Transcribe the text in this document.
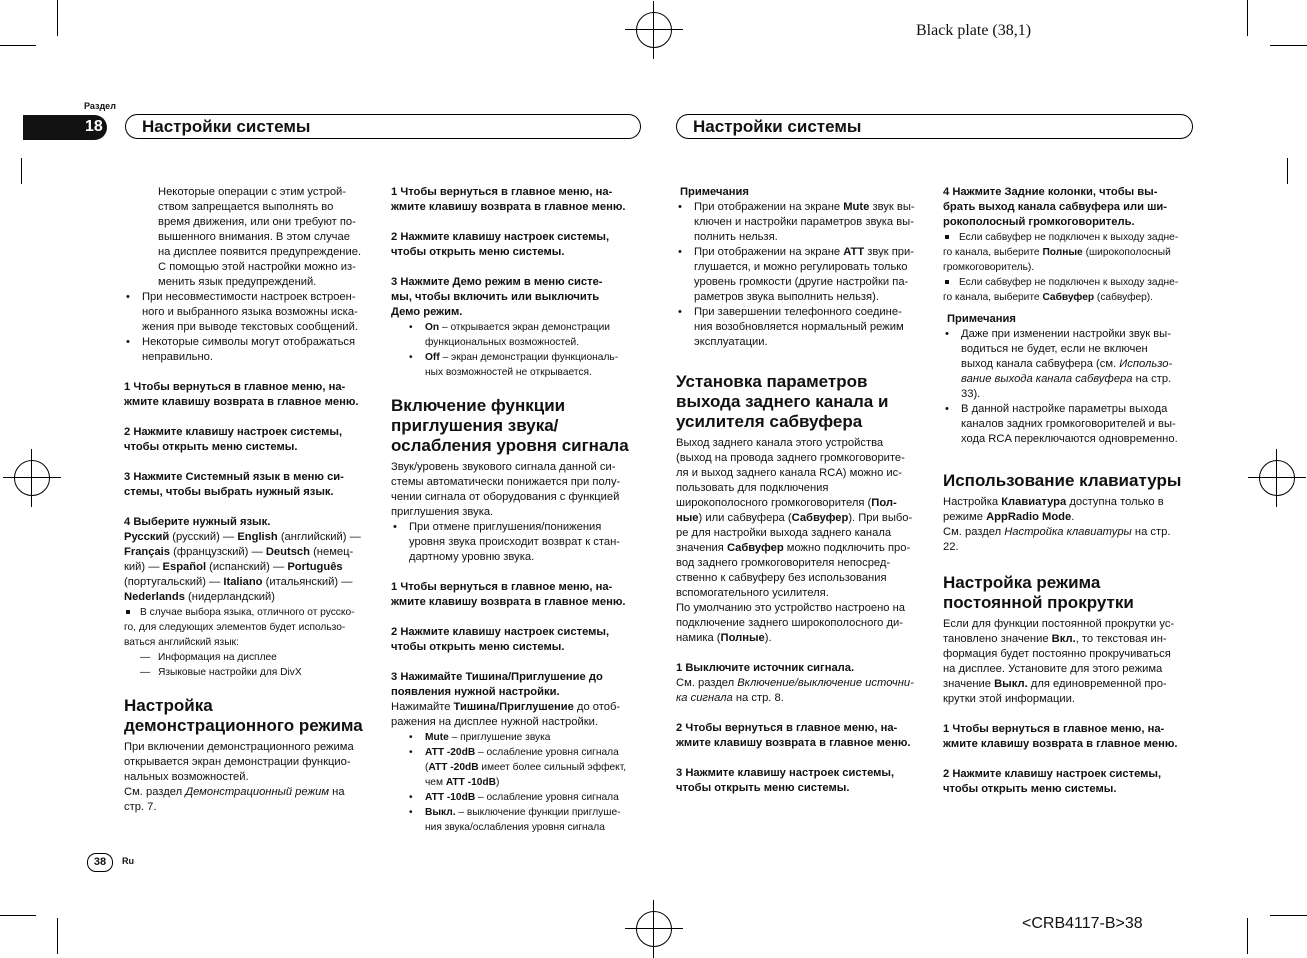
Black plate (38,1)
Раздел
18	Настройки системы	Настройки системы

Некоторые операции с этим устрой-

ством запрещается выполнять во

время движения, или они требуют по-

вышенного внимания. В этом случае

на дисплее появится предупреждение.

С помощью этой настройки можно из-

менить язык предупреждений.

• При несовместимости настроек встроен-

ного и выбранного языка возможны иска-

жения при выводе текстовых сообщений.

• Некоторые символы могут отображаться

неправильно.

1 Чтобы вернуться в главное меню, на-
жмите клавишу возврата в главное меню.

2 Нажмите клавишу настроек системы,
чтобы открыть меню системы.

3 Нажмите Системный язык в меню си-
стемы, чтобы выбрать нужный язык.

4 Выберите нужный язык.

Русский (русский) — English (английский) —

Français (французский) — Deutsch (немец-

кий) — Español (испанский) — Português

(португальский) — Italiano (итальянский) —

Nederlands (нидерландский)

В случае выбора языка, отличного от русско-

го, для следующих элементов будет использо-

ваться английский язык:

— Информация на дисплее

— Языковые настройки для DivX

Настройка
демонстрационного режима

При включении демонстрационного режима

открывается экран демонстрации функцио-

нальных возможностей.

См. раздел Демонстрационный режим на

стр. 7.

1 Чтобы вернуться в главное меню, на-
жмите клавишу возврата в главное меню.

2 Нажмите клавишу настроек системы,
чтобы открыть меню системы.

3 Нажмите Демо режим в меню систе-
мы, чтобы включить или выключить
Демо режим.

• On – открывается экран демонстрации

функциональных возможностей.

• Off – экран демонстрации функциональ-

ных возможностей не открывается.

Включение функции
приглушения звука/
ослабления уровня сигнала

Звук/уровень звукового сигнала данной си-

стемы автоматически понижается при полу-

чении сигнала от оборудования с функцией

приглушения звука.

• При отмене приглушения/понижения

уровня звука происходит возврат к стан-

дартному уровню звука.

1 Чтобы вернуться в главное меню, на-
жмите клавишу возврата в главное меню.

2 Нажмите клавишу настроек системы,
чтобы открыть меню системы.

3 Нажимайте Тишина/Приглушение до
появления нужной настройки.

Нажимайте Тишина/Приглушение до отоб-

ражения на дисплее нужной настройки.

• Mute – приглушение звука

• ATT -20dB – ослабление уровня сигнала

(ATT -20dB имеет более сильный эффект,

чем ATT -10dB)

• ATT -10dB – ослабление уровня сигнала

• Выкл. – выключение функции приглуше-

ния звука/ослабления уровня сигнала

Примечания

• При отображении на экране Mute звук вы-

ключен и настройки параметров звука вы-

полнить нельзя.

• При отображении на экране ATT звук при-

глушается, и можно регулировать только

уровень громкости (другие настройки па-

раметров звука выполнить нельзя).

• При завершении телефонного соедине-

ния возобновляется нормальный режим

эксплуатации.

Установка параметров
выхода заднего канала и
усилителя сабвуфера

Выход заднего канала этого устройства

(выход на провода заднего громкоговорите-

ля и выход заднего канала RCA) можно ис-

пользовать для подключения

широкополосного громкоговорителя (Пол-

ные) или сабвуфера (Сабвуфер). При выбо-

ре для настройки выхода заднего канала

значения Сабвуфер можно подключить про-

вод заднего громкоговорителя непосред-

ственно к сабвуферу без использования

вспомогательного усилителя.

По умолчанию это устройство настроено на

подключение заднего широкополосного ди-

намика (Полные).

1 Выключите источник сигнала.

См. раздел Включение/выключение источни-

ка сигнала на стр. 8.

2 Чтобы вернуться в главное меню, на-
жмите клавишу возврата в главное меню.

3 Нажмите клавишу настроек системы,
чтобы открыть меню системы.

4 Нажмите Задние колонки, чтобы вы-
брать выход канала сабвуфера или ши-
рокополосный громкоговоритель.

Если сабвуфер не подключен к выходу задне-

го канала, выберите Полные (широкополосный

громкоговоритель).

Если сабвуфер не подключен к выходу задне-

го канала, выберите Сабвуфер (сабвуфер).

Примечания

• Даже при изменении настройки звук вы-

водиться не будет, если не включен

выход канала сабвуфера (см. Использо-

вание выхода канала сабвуфера на стр.

33).

• В данной настройке параметры выхода

каналов задних громкоговорителей и вы-

хода RCA переключаются одновременно.

Использование клавиатуры

Настройка Клавиатура доступна только в

режиме AppRadio Mode.

См. раздел Настройка клавиатуры на стр.

22.

Настройка режима
постоянной прокрутки

Если для функции постоянной прокрутки ус-

тановлено значение Вкл., то текстовая ин-

формация будет постоянно прокручиваться

на дисплее. Установите для этого режима

значение Выкл. для единовременной про-

крутки этой информации.

1 Чтобы вернуться в главное меню, на-
жмите клавишу возврата в главное меню.

2 Нажмите клавишу настроек системы,
чтобы открыть меню системы.

38	Ru
<CRB4117-B>38
